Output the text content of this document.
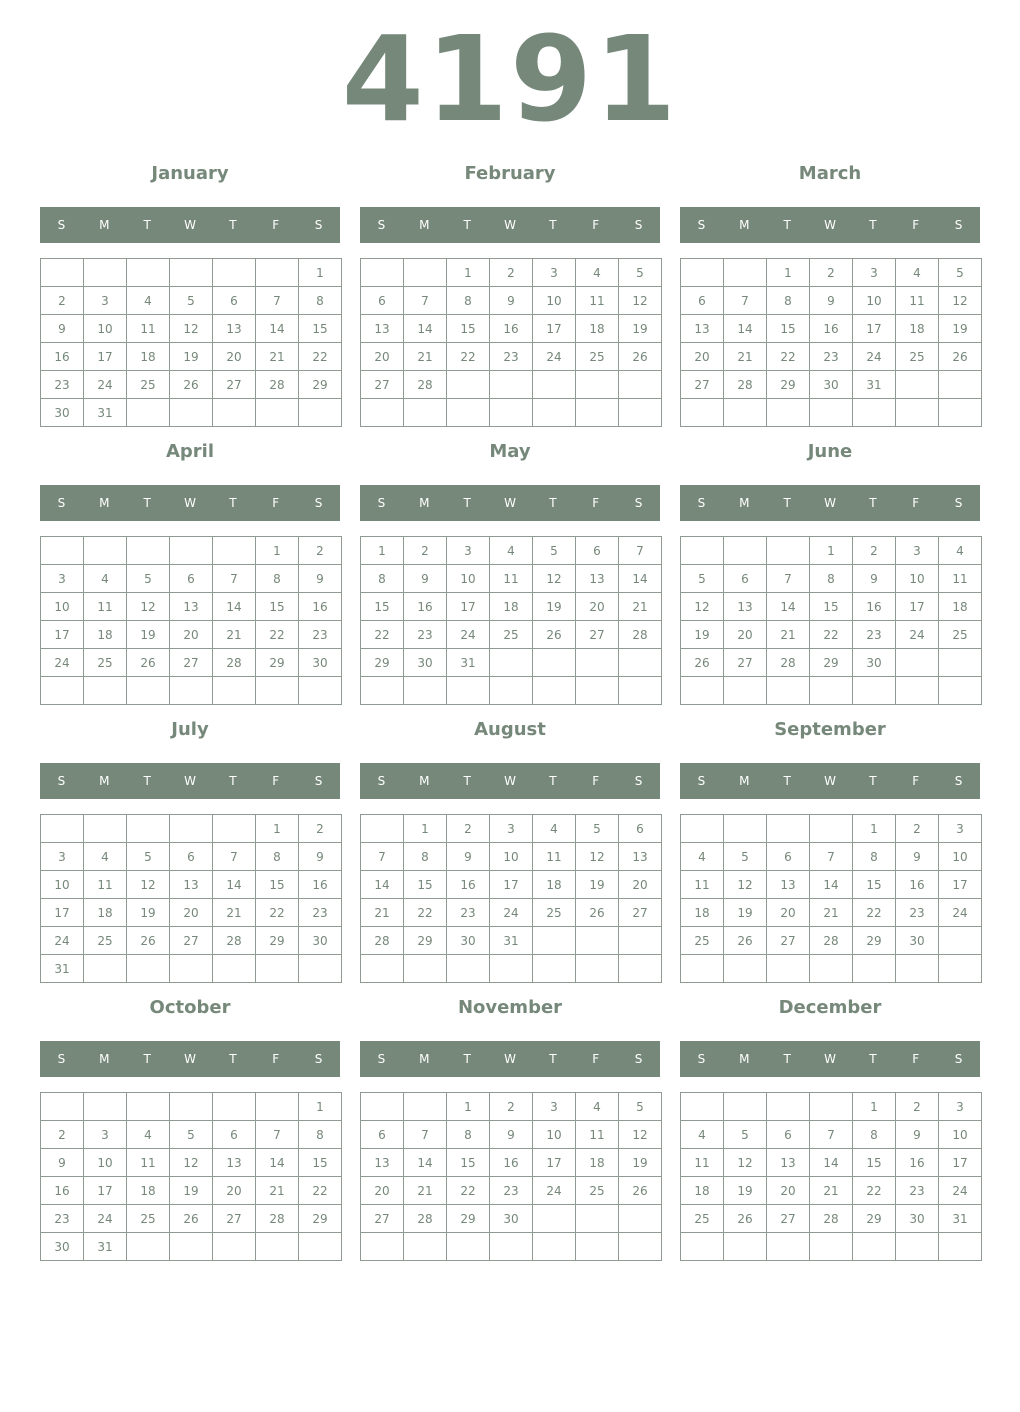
4191
January
S	M	T	W	T	F	S
						1
2	3	4	5	6	7	8
9	10	11	12	13	14	15
16	17	18	19	20	21	22
23	24	25	26	27	28	29
30	31					
February
S	M	T	W	T	F	S
		1	2	3	4	5
6	7	8	9	10	11	12
13	14	15	16	17	18	19
20	21	22	23	24	25	26
27	28					

March
S	M	T	W	T	F	S
		1	2	3	4	5
6	7	8	9	10	11	12
13	14	15	16	17	18	19
20	21	22	23	24	25	26
27	28	29	30	31		

April
S	M	T	W	T	F	S
					1	2
3	4	5	6	7	8	9
10	11	12	13	14	15	16
17	18	19	20	21	22	23
24	25	26	27	28	29	30

May
S	M	T	W	T	F	S
1	2	3	4	5	6	7
8	9	10	11	12	13	14
15	16	17	18	19	20	21
22	23	24	25	26	27	28
29	30	31				

June
S	M	T	W	T	F	S
			1	2	3	4
5	6	7	8	9	10	11
12	13	14	15	16	17	18
19	20	21	22	23	24	25
26	27	28	29	30		

July
S	M	T	W	T	F	S
					1	2
3	4	5	6	7	8	9
10	11	12	13	14	15	16
17	18	19	20	21	22	23
24	25	26	27	28	29	30
31						
August
S	M	T	W	T	F	S
	1	2	3	4	5	6
7	8	9	10	11	12	13
14	15	16	17	18	19	20
21	22	23	24	25	26	27
28	29	30	31			

September
S	M	T	W	T	F	S
				1	2	3
4	5	6	7	8	9	10
11	12	13	14	15	16	17
18	19	20	21	22	23	24
25	26	27	28	29	30	

October
S	M	T	W	T	F	S
						1
2	3	4	5	6	7	8
9	10	11	12	13	14	15
16	17	18	19	20	21	22
23	24	25	26	27	28	29
30	31					
November
S	M	T	W	T	F	S
		1	2	3	4	5
6	7	8	9	10	11	12
13	14	15	16	17	18	19
20	21	22	23	24	25	26
27	28	29	30			

December
S	M	T	W	T	F	S
				1	2	3
4	5	6	7	8	9	10
11	12	13	14	15	16	17
18	19	20	21	22	23	24
25	26	27	28	29	30	31
